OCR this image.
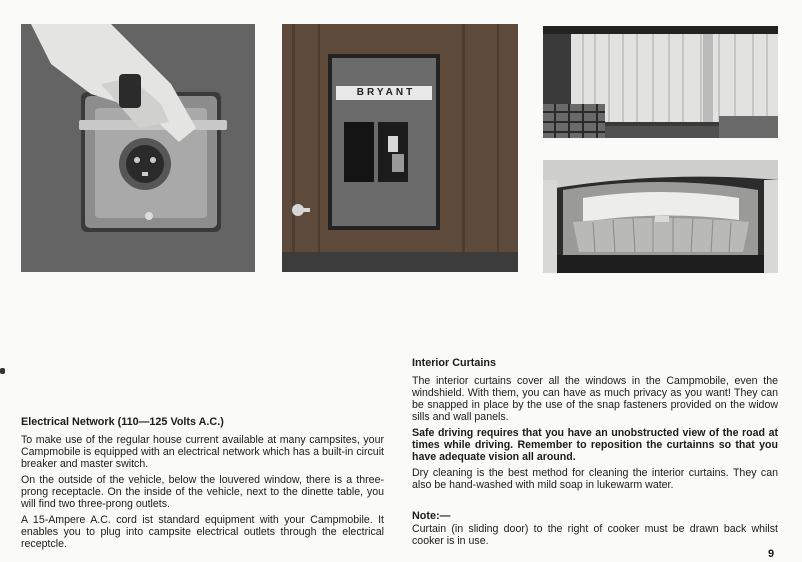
BRYANT
Electrical Network (110—125 Volts A.C.)

To make use of the regular house current available at many campsites, your Campmobile is equipped with an electrical network which has a built-in circuit breaker and master switch.

On the outside of the vehicle, below the louvered window, there is a three-prong receptacle. On the inside of the vehicle, next to the dinette table, you will find two three-prong outlets.

A 15-Ampere A.C. cord ist standard equipment with your Campmobile. It enables you to plug into campsite electrical outlets through the electrical receptcle.

Interior Curtains

The interior curtains cover all the windows in the Campmobile, even the windshield. With them, you can have as much privacy as you want! They can be snapped in place by the use of the snap fasteners provided on the widow sills and wall panels.

Safe driving requires that you have an unobstructed view of the road at times while driving. Remember to reposition the curtainns so that you have adequate vision all around.

Dry cleaning is the best method for cleaning the interior curtains. They can also be hand-washed with mild soap in lukewarm water.

Note:—

Curtain (in sliding door) to the right of cooker must be drawn back whilst cooker is in use.

9
